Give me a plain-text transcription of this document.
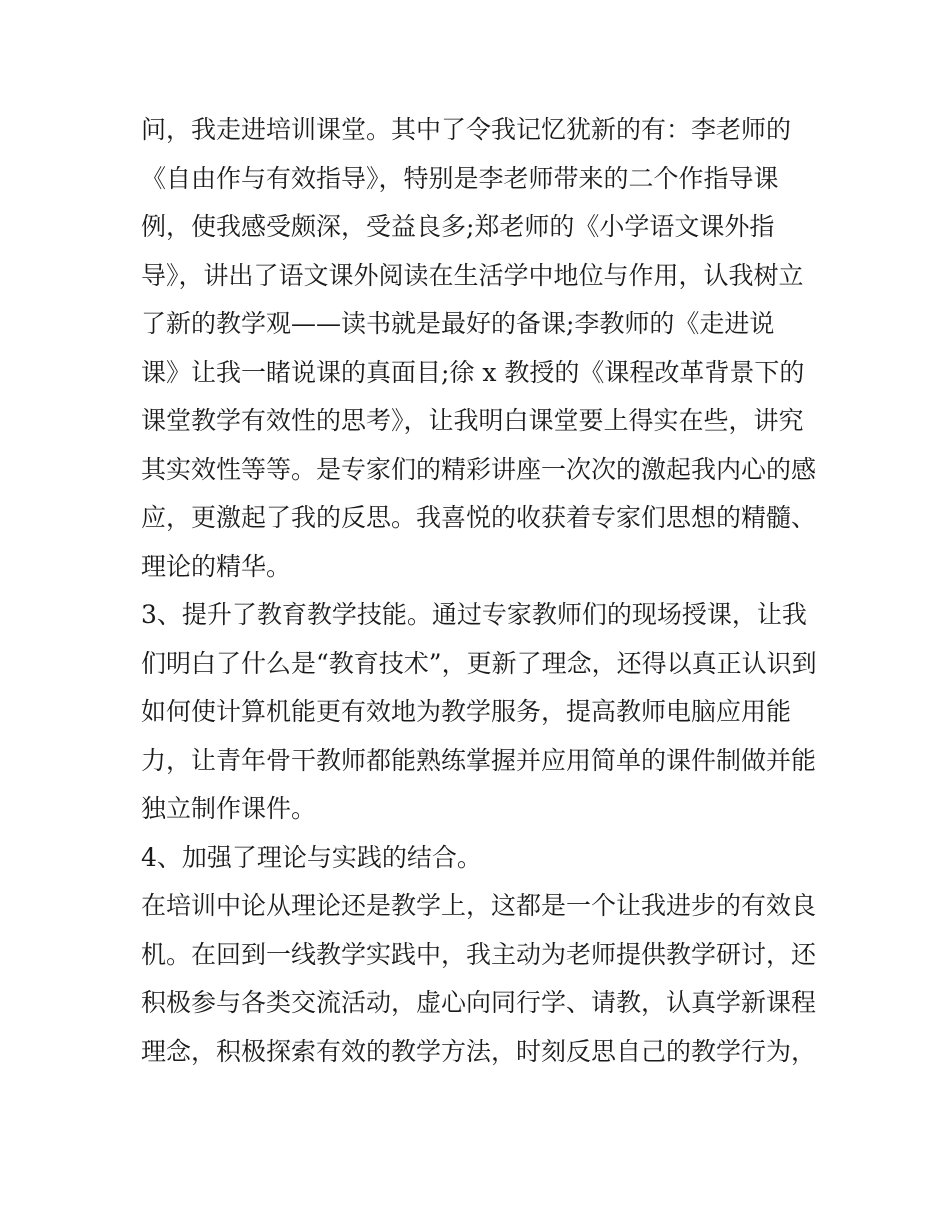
问，我走进培训课堂。其中了令我记忆犹新的有：李老师的
《自由作与有效指导》，特别是李老师带来的二个作指导课
例，使我感受颇深，受益良多;郑老师的《小学语文课外指
导》，讲出了语文课外阅读在生活学中地位与作用，认我树立
了新的教学观——读书就是最好的备课;李教师的《走进说
课》让我一睹说课的真面目;徐 x 教授的《课程改革背景下的
课堂教学有效性的思考》，让我明白课堂要上得实在些，讲究
其实效性等等。是专家们的精彩讲座一次次的激起我内心的感
应，更激起了我的反思。我喜悦的收获着专家们思想的精髓、
理论的精华。
3、提升了教育教学技能。通过专家教师们的现场授课，让我
们明白了什么是“教育技术”，更新了理念，还得以真正认识到
如何使计算机能更有效地为教学服务，提高教师电脑应用能
力，让青年骨干教师都能熟练掌握并应用简单的课件制做并能
独立制作课件。
4、加强了理论与实践的结合。
在培训中论从理论还是教学上，这都是一个让我进步的有效良
机。在回到一线教学实践中，我主动为老师提供教学研讨，还
积极参与各类交流活动，虚心向同行学、请教，认真学新课程
理念，积极探索有效的教学方法，时刻反思自己的教学行为，
